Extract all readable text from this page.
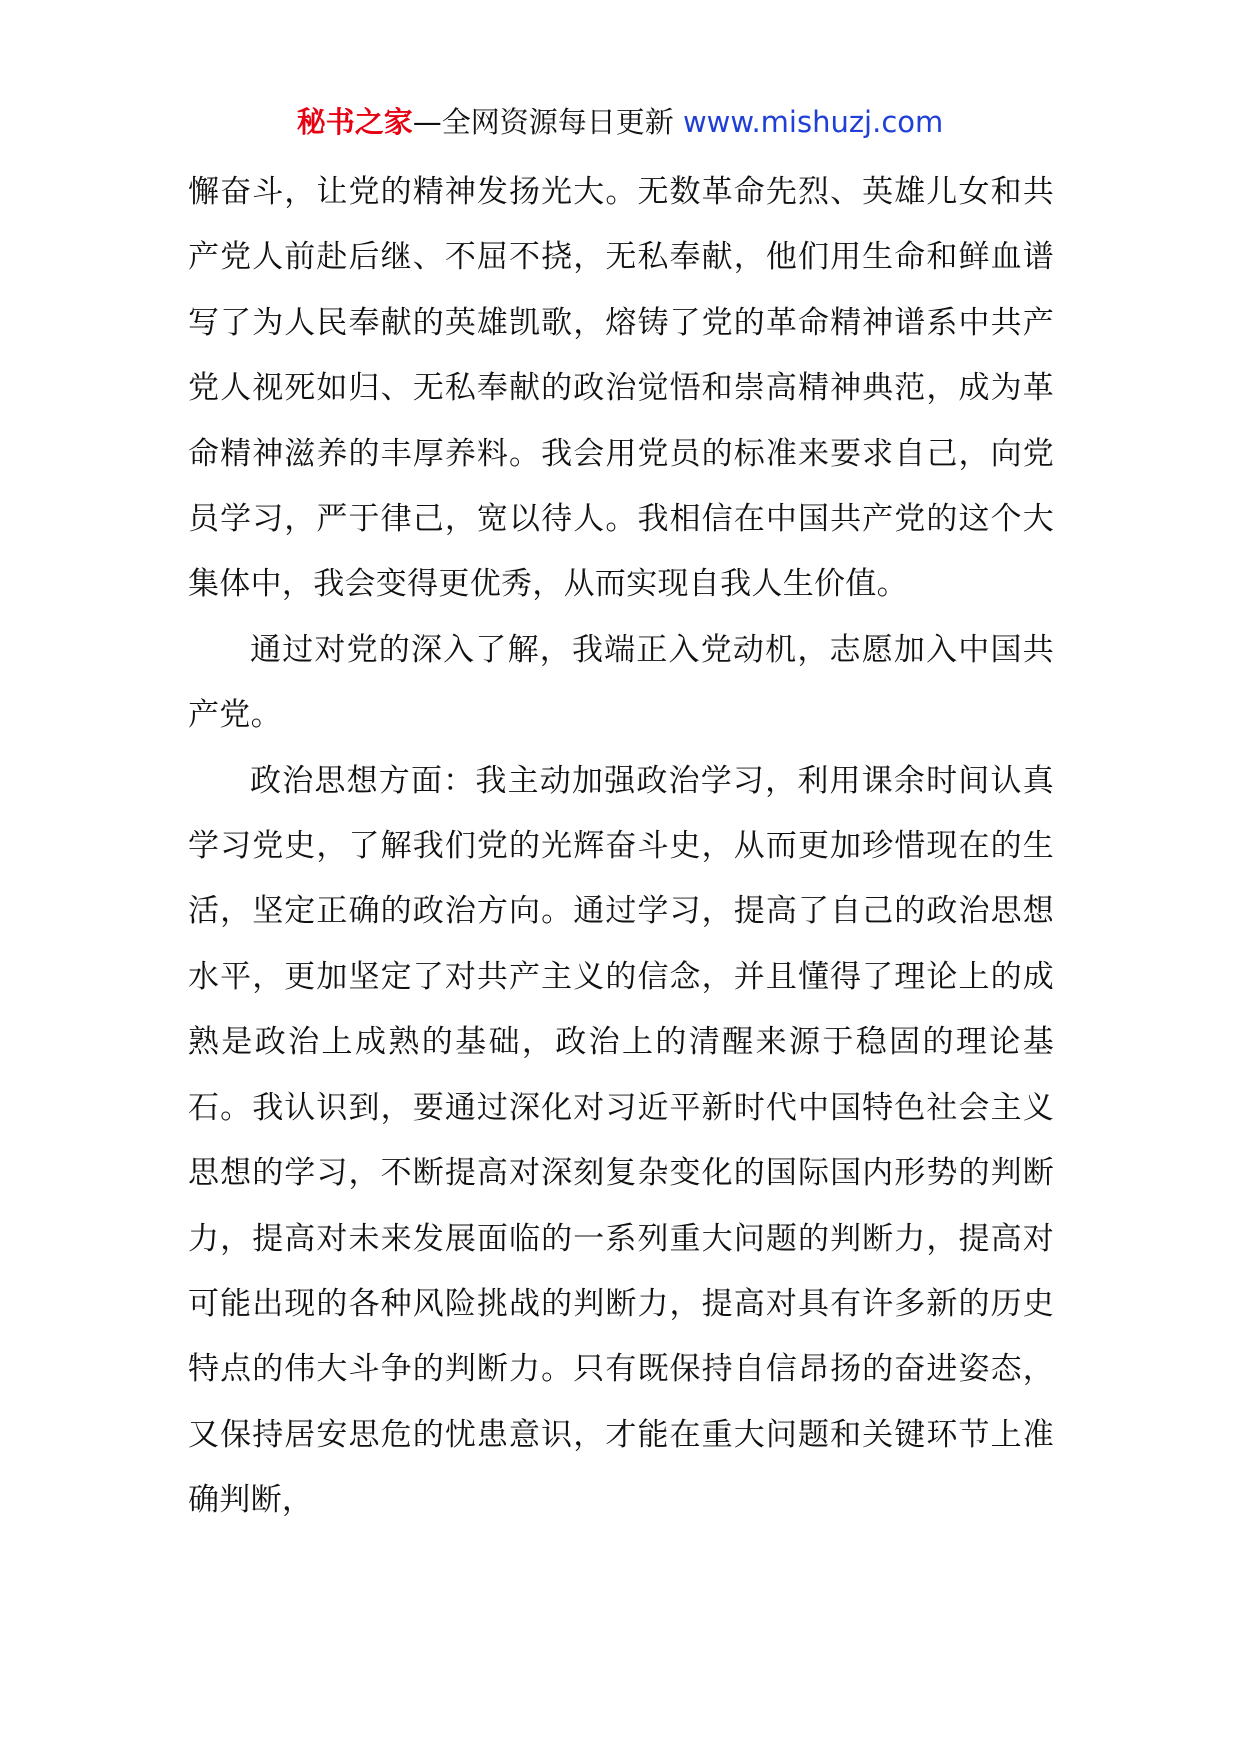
秘书之家—全网资源每日更新 www.mishuzj.com

懈奋斗，让党的精神发扬光大。无数革命先烈、英雄儿女和共产党人前赴后继、不屈不挠，无私奉献，他们用生命和鲜血谱写了为人民奉献的英雄凯歌，熔铸了党的革命精神谱系中共产党人视死如归、无私奉献的政治觉悟和崇高精神典范，成为革命精神滋养的丰厚养料。我会用党员的标准来要求自己，向党员学习，严于律己，宽以待人。我相信在中国共产党的这个大集体中，我会变得更优秀，从而实现自我人生价值。

通过对党的深入了解，我端正入党动机，志愿加入中国共产党。

政治思想方面：我主动加强政治学习，利用课余时间认真学习党史，了解我们党的光辉奋斗史，从而更加珍惜现在的生活，坚定正确的政治方向。通过学习，提高了自己的政治思想水平，更加坚定了对共产主义的信念，并且懂得了理论上的成熟是政治上成熟的基础，政治上的清醒来源于稳固的理论基石。我认识到，要通过深化对习近平新时代中国特色社会主义思想的学习，不断提高对深刻复杂变化的国际国内形势的判断力，提高对未来发展面临的一系列重大问题的判断力，提高对可能出现的各种风险挑战的判断力，提高对具有许多新的历史特点的伟大斗争的判断力。只有既保持自信昂扬的奋进姿态，又保持居安思危的忧患意识，才能在重大问题和关键环节上准确判断，
